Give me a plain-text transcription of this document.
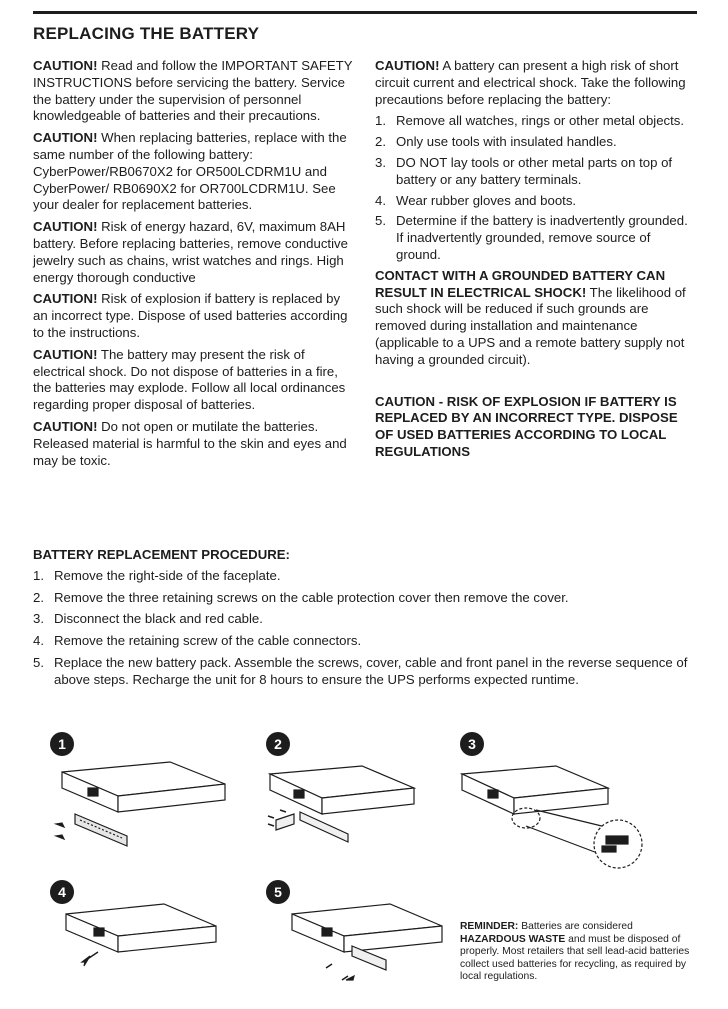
REPLACING THE BATTERY

CAUTION! Read and follow the IMPORTANT SAFETY INSTRUCTIONS before servicing the battery. Service the battery under the supervision of personnel knowledgeable of batteries and their precautions.

CAUTION! When replacing batteries, replace with the same number of the following battery: CyberPower/RB0670X2 for OR500LCDRM1U and CyberPower/ RB0690X2 for OR700LCDRM1U. See your dealer for replacement batteries.

CAUTION! Risk of energy hazard, 6V, maximum 8AH battery. Before replacing batteries, remove conductive jewelry such as chains, wrist watches and rings. High energy thorough conductive

CAUTION! Risk of explosion if battery is replaced by an incorrect type. Dispose of used batteries according to the instructions.

CAUTION! The battery may present the risk of electrical shock. Do not dispose of batteries in a fire, the batteries may explode. Follow all local ordinances regarding proper disposal of batteries.

CAUTION! Do not open or mutilate the batteries. Released material is harmful to the skin and eyes and may be toxic.

CAUTION! A battery can present a high risk of short circuit current and electrical shock. Take the following precautions before replacing the battery:

1. Remove all watches, rings or other metal objects.
2. Only use tools with insulated handles.
3. DO NOT lay tools or other metal parts on top of battery or any battery terminals.
4. Wear rubber gloves and boots.
5. Determine if the battery is inadvertently grounded. If inadvertently grounded, remove source of ground.

CONTACT WITH A GROUNDED BATTERY CAN RESULT IN ELECTRICAL SHOCK! The likelihood of such shock will be reduced if such grounds are removed during installation and maintenance (applicable to a UPS and a remote battery supply not having a grounded circuit).

CAUTION - RISK OF EXPLOSION IF BATTERY IS REPLACED BY AN INCORRECT TYPE. DISPOSE OF USED BATTERIES ACCORDING TO LOCAL REGULATIONS

BATTERY REPLACEMENT PROCEDURE:

1. Remove the right-side of the faceplate.
2. Remove the three retaining screws on the cable protection cover then remove the cover.
3. Disconnect the black and red cable.
4. Remove the retaining screw of the cable connectors.
5. Replace the new battery pack. Assemble the screws, cover, cable and front panel in the reverse sequence of above steps. Recharge the unit for 8 hours to ensure the UPS performs expected runtime.
1	2	3
4	5
REMINDER: Batteries are considered HAZARDOUS WASTE and must be disposed of properly. Most retailers that sell lead-acid batteries collect used batteries for recycling, as required by local regulations.
